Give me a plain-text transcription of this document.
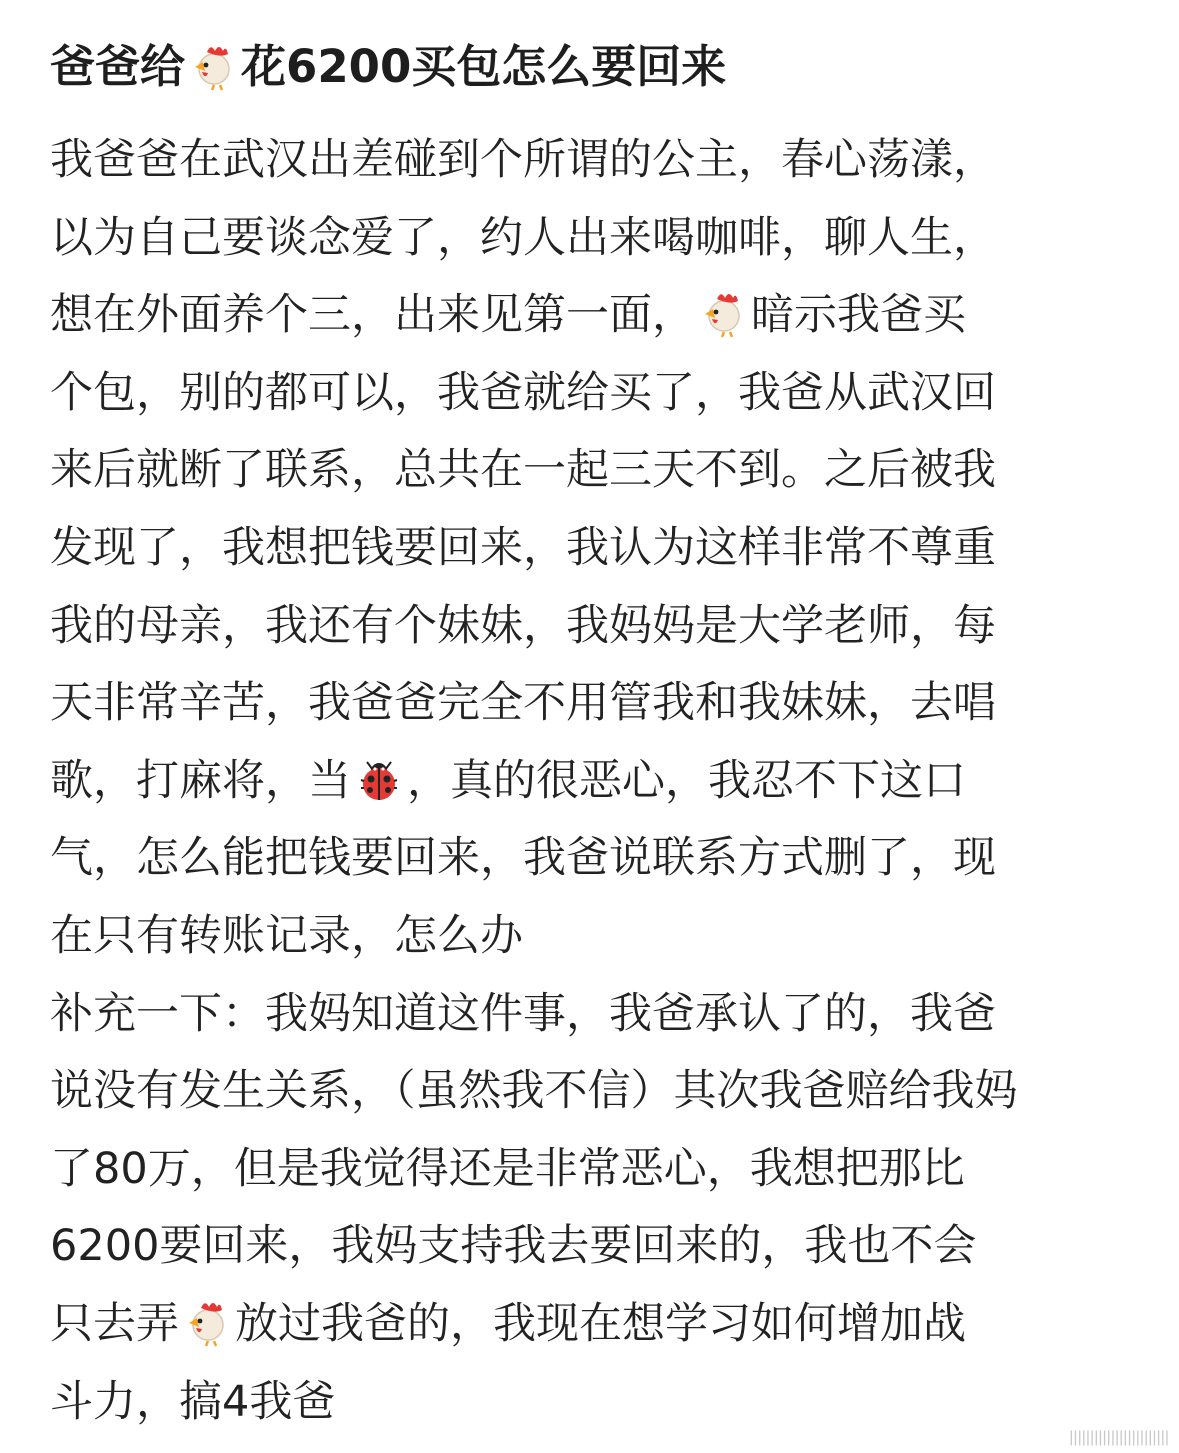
爸爸给 花6200买包怎么要回来
我爸爸在武汉出差碰到个所谓的公主，春心荡漾，
以为自己要谈念爱了，约人出来喝咖啡，聊人生，
想在外面养个三，出来见第一面， 暗示我爸买
个包，别的都可以，我爸就给买了，我爸从武汉回
来后就断了联系，总共在一起三天不到。之后被我
发现了，我想把钱要回来，我认为这样非常不尊重
我的母亲，我还有个妹妹，我妈妈是大学老师，每
天非常辛苦，我爸爸完全不用管我和我妹妹，去唱
歌，打麻将，当 ，真的很恶心，我忍不下这口
气，怎么能把钱要回来，我爸说联系方式删了，现
在只有转账记录，怎么办
补充一下：我妈知道这件事，我爸承认了的，我爸
说没有发生关系，（虽然我不信）其次我爸赔给我妈
了80万，但是我觉得还是非常恶心，我想把那比
6200要回来，我妈支持我去要回来的，我也不会
只去弄 放过我爸的，我现在想学习如何增加战
斗力，搞4我爸
||||||||||||||||||||||||
